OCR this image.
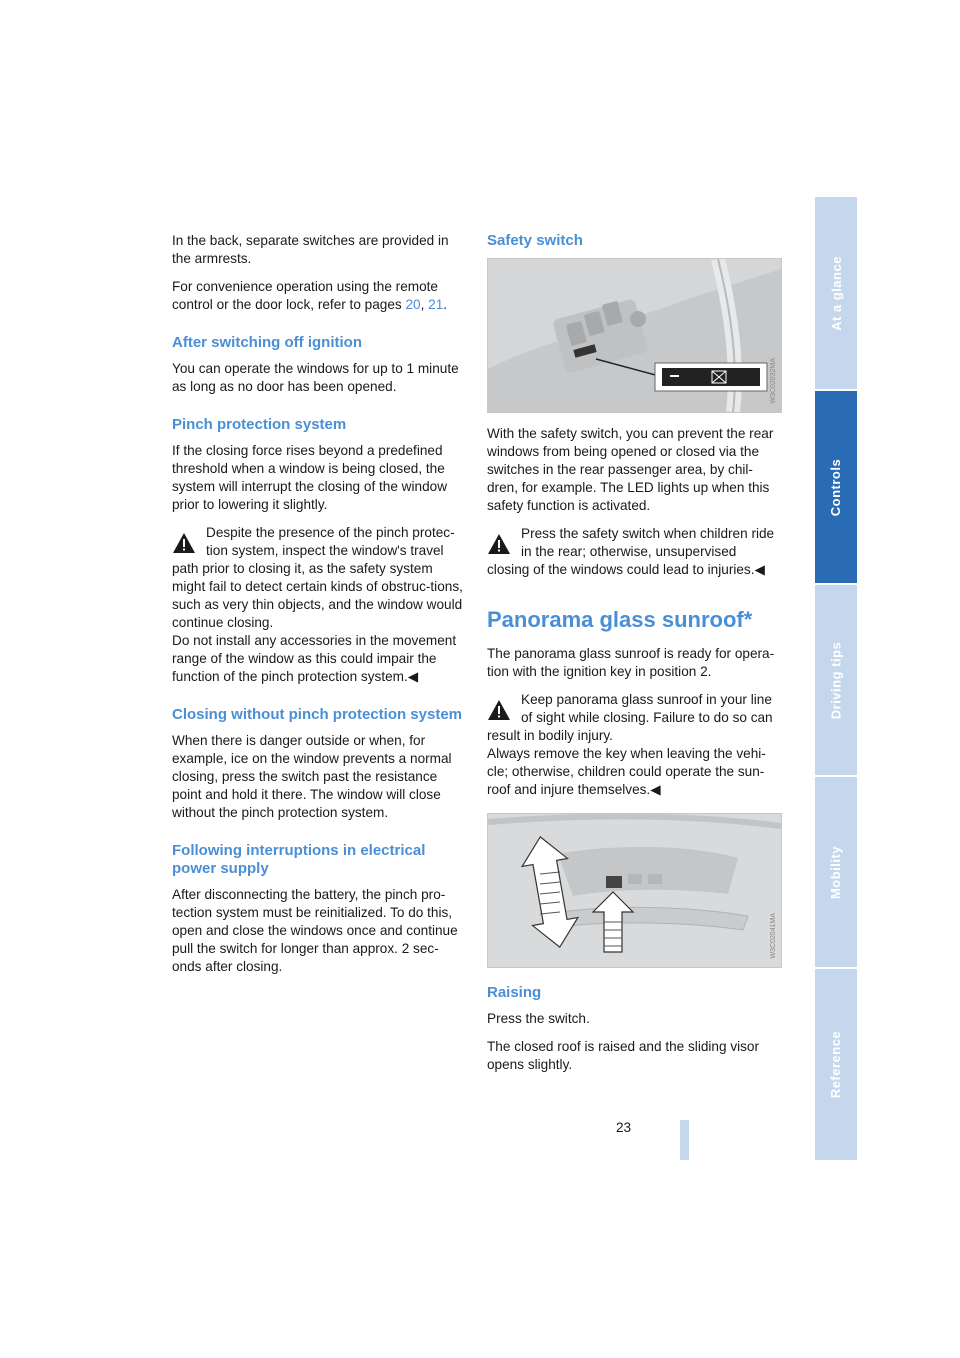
In the back, separate switches are provided in the armrests.

For convenience operation using the remote control or the door lock, refer to pages 20, 21.

After switching off ignition

You can operate the windows for up to 1 minute as long as no door has been opened.

Pinch protection system

If the closing force rises beyond a predefined threshold when a window is being closed, the system will interrupt the closing of the window prior to lowering it slightly.

Despite the presence of the pinch protec-tion system, inspect the window's travel
path prior to closing it, as the safety system might fail to detect certain kinds of obstruc-tions, such as very thin objects, and the window would continue closing.

Do not install any accessories in the movement range of the window as this could impair the function of the pinch protection system.◀

Closing without pinch protection system

When there is danger outside or when, for example, ice on the window prevents a normal closing, press the switch past the resistance point and hold it there. The window will close without the pinch protection system.

Following interruptions in electrical power supply

After disconnecting the battery, the pinch pro-tection system must be reinitialized. To do this, open and close the windows once and continue pull the switch for longer than approx. 2 sec-onds after closing.

Safety switch
W3C02032MA

With the safety switch, you can prevent the rear windows from being opened or closed via the switches in the rear passenger area, by chil-dren, for example. The LED lights up when this safety function is activated.

Press the safety switch when children ride in the rear; otherwise, unsupervised
closing of the windows could lead to injuries.◀

Panorama glass sunroof*

The panorama glass sunroof is ready for opera-tion with the ignition key in position 2.

Keep panorama glass sunroof in your line of sight while closing. Failure to do so can
result in bodily injury.

Always remove the key when leaving the vehi-cle; otherwise, children could operate the sun-roof and injure themselves.◀

W3C02041MA
Raising

Press the switch.

The closed roof is raised and the sliding visor opens slightly.

At a glance
Controls
Driving tips
Mobility
Reference
23
